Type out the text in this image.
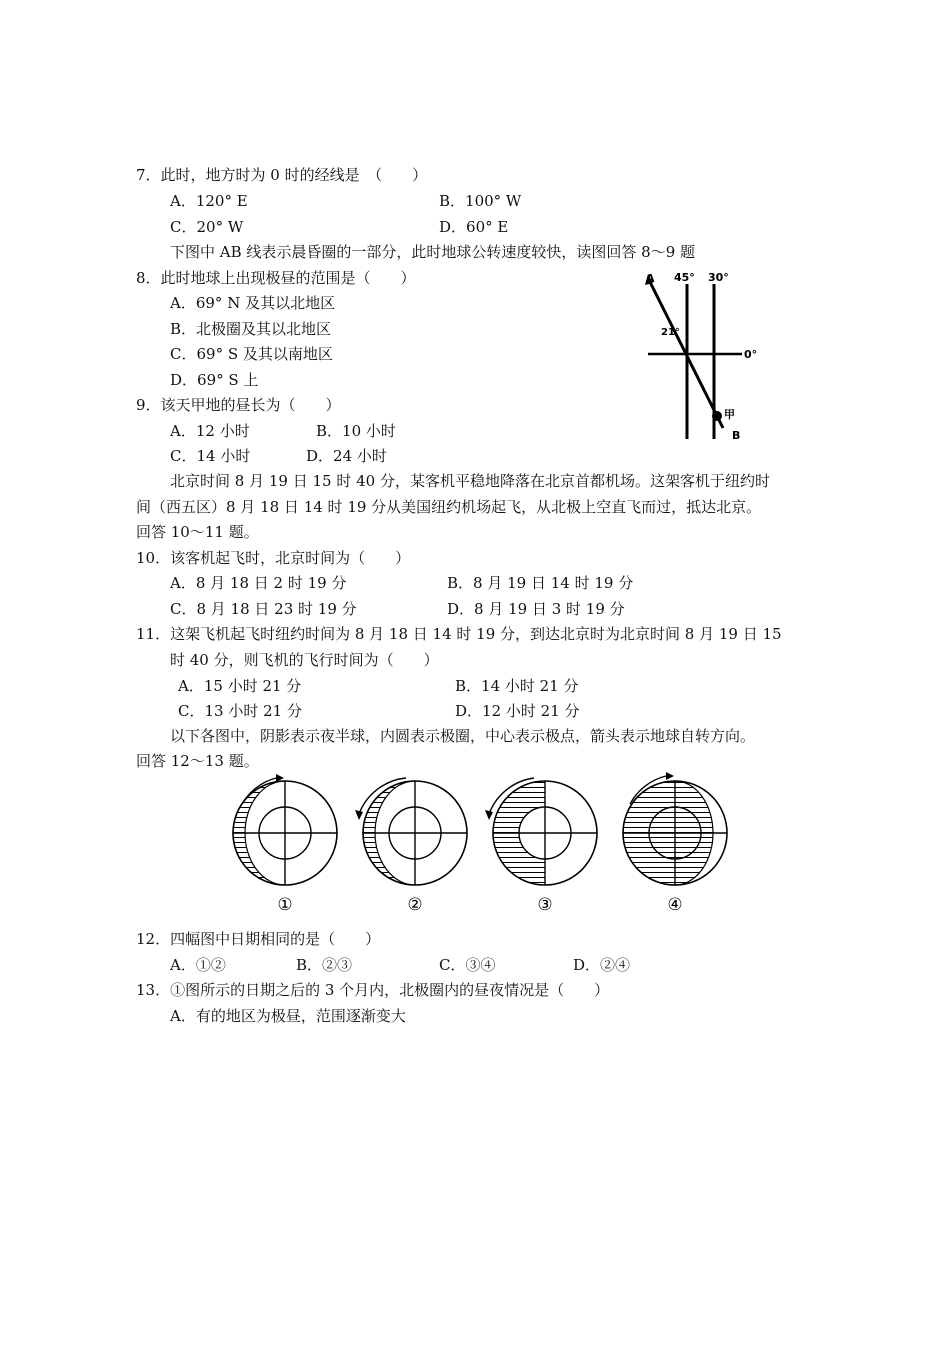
7．此时，地方时为 0 时的经线是　（　　）
A．120° E	B．100° W
C．20° W	D．60° E
下图中 AB 线表示晨昏圈的一部分，此时地球公转速度较快，读图回答 8～9 题
8．此时地球上出现极昼的范围是（　　）
A．69° N 及其以北地区
B．北极圈及其以北地区
C．69° S 及其以南地区
D．69° S 上
9．该天甲地的昼长为（　　）
A．12 小时	B．10 小时
C．14 小时	D．24 小时
A 45° 30°
21°
0°
甲
B
北京时间 8 月 19 日 15 时 40 分，某客机平稳地降落在北京首都机场。这架客机于纽约时
间（西五区）8 月 18 日 14 时 19 分从美国纽约机场起飞，从北极上空直飞而过，抵达北京。
回答 10～11 题。
10．该客机起飞时，北京时间为（　　）
A．8 月 18 日 2 时 19 分	B．8 月 19 日 14 时 19 分
C．8 月 18 日 23 时 19 分	D．8 月 19 日 3 时 19 分
11．这架飞机起飞时纽约时间为 8 月 18 日 14 时 19 分，到达北京时为北京时间 8 月 19 日 15
时 40 分，则飞机的飞行时间为（　　）
A．15 小时 21 分	B．14 小时 21 分
C．13 小时 21 分	D．12 小时 21 分
以下各图中，阴影表示夜半球，内圆表示极圈，中心表示极点，箭头表示地球自转方向。
回答 12～13 题。
①	②	③	④
12．四幅图中日期相同的是（　　）
A．①②	B．②③	C．③④	D．②④
13．①图所示的日期之后的 3 个月内，北极圈内的昼夜情况是（　　）
A．有的地区为极昼，范围逐渐变大
